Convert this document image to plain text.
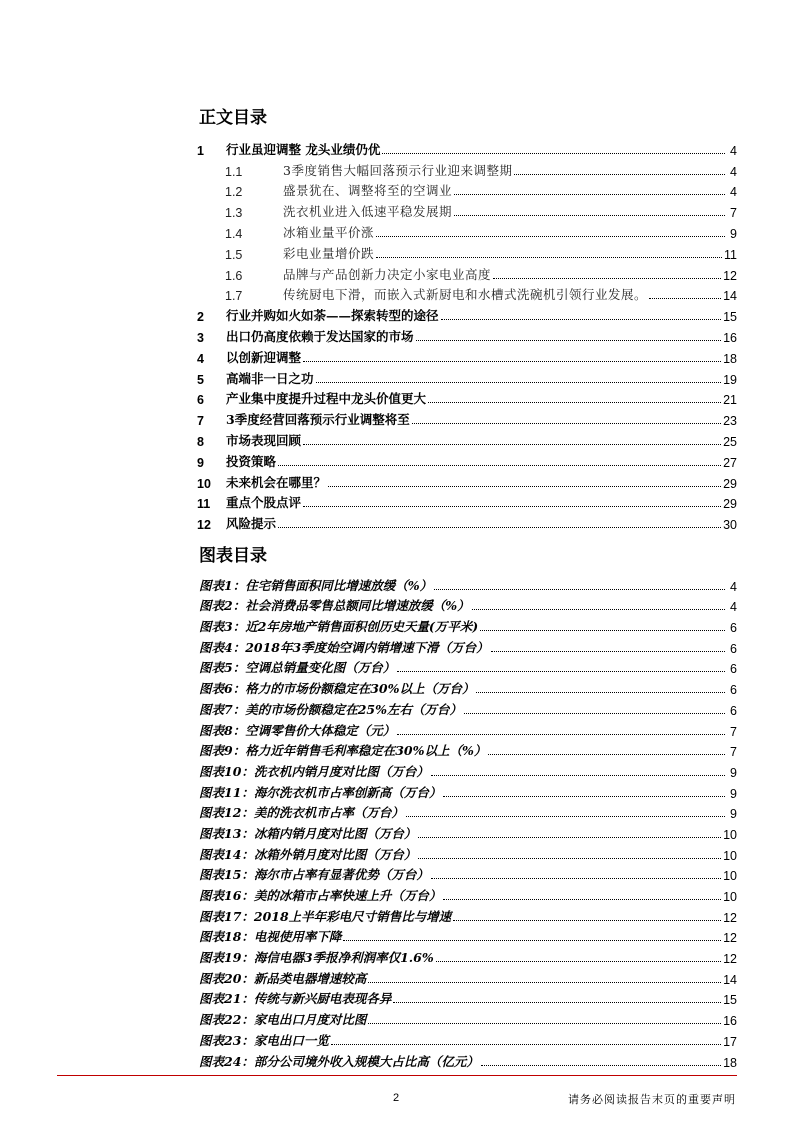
正文目录
1	行业虽迎调整 龙头业绩仍优	4
1.1	3季度销售大幅回落预示行业迎来调整期	4
1.2	盛景犹在、调整将至的空调业	4
1.3	洗衣机业进入低速平稳发展期	7
1.4	冰箱业量平价涨	9
1.5	彩电业量增价跌	11
1.6	品牌与产品创新力决定小家电业高度	12
1.7	传统厨电下滑，而嵌入式新厨电和水槽式洗碗机引领行业发展。	14
2	行业并购如火如荼——探索转型的途径	15
3	出口仍高度依赖于发达国家的市场	16
4	以创新迎调整	18
5	高端非一日之功	19
6	产业集中度提升过程中龙头价值更大	21
7	3季度经营回落预示行业调整将至	23
8	市场表现回顾	25
9	投资策略	27
10	未来机会在哪里？	29
11	重点个股点评	29
12	风险提示	30
图表目录
图表1：住宅销售面积同比增速放缓（%）	4
图表2：社会消费品零售总额同比增速放缓（%）	4
图表3：近2年房地产销售面积创历史天量(万平米)	6
图表4：2018年3季度始空调内销增速下滑（万台）	6
图表5：空调总销量变化图（万台）	6
图表6：格力的市场份额稳定在30%以上（万台）	6
图表7：美的市场份额稳定在25%左右（万台）	6
图表8：空调零售价大体稳定（元）	7
图表9：格力近年销售毛利率稳定在30%以上（%）	7
图表10：洗衣机内销月度对比图（万台）	9
图表11：海尔洗衣机市占率创新高（万台）	9
图表12：美的洗衣机市占率（万台）	9
图表13：冰箱内销月度对比图（万台）	10
图表14：冰箱外销月度对比图（万台）	10
图表15：海尔市占率有显著优势（万台）	10
图表16：美的冰箱市占率快速上升（万台）	10
图表17：2018上半年彩电尺寸销售比与增速	12
图表18：电视使用率下降	12
图表19：海信电器3季报净利润率仅1.6%	12
图表20：新品类电器增速较高	14
图表21：传统与新兴厨电表现各异	15
图表22：家电出口月度对比图	16
图表23：家电出口一览	17
图表24：部分公司境外收入规模大占比高（亿元）	18
2	请务必阅读报告末页的重要声明
